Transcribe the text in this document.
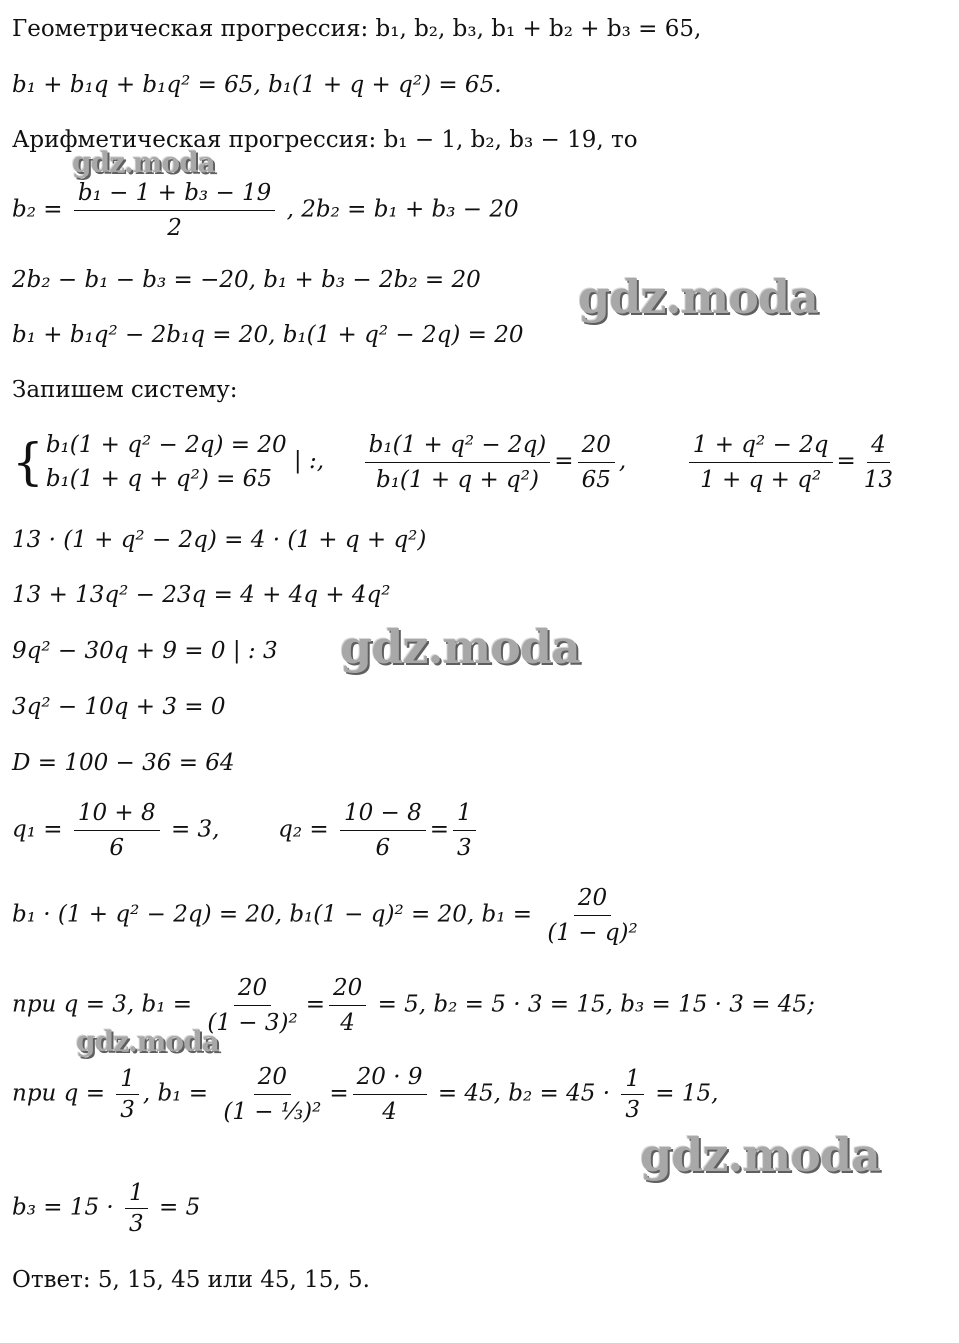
Геометрическая прогрессия: b₁, b₂, b₃, b₁ + b₂ + b₃ = 65,
b₁ + b₁q + b₁q² = 65, b₁(1 + q + q²) = 65.
Арифметическая прогрессия: b₁ − 1, b₂, b₃ − 19, то
$b_2 = \frac{\text{b₁ − 1 + b₃ − 19}}{2}$ , 2b₂ = b₁ + b₃ − 20
2b₂ − b₁ − b₃ = −20, b₁ + b₃ − 2b₂ = 20
b₁ + b₁q² − 2b₁q = 20, b₁(1 + q² − 2q) = 20
Запишем систему:
{ b₁(1 + q² − 2q) = 20
b₁(1 + q + q²) = 65
| :, $\frac{\text{b₁(1 + q² − 2q)}}{\text{b₁(1 + q + q²)}} = \frac{20}{65}$ ,	$\frac{\text{1 + q² − 2q}}{\text{1 + q + q²}} = \frac{4}{13}$
13 · (1 + q² − 2q) = 4 · (1 + q + q²)
13 + 13q² − 23q = 4 + 4q + 4q²
9q² − 30q + 9 = 0 | : 3
3q² − 10q + 3 = 0
D = 100 − 36 = 64
$q_1 = \frac{10 + 8}{6} = 3$,	$q_2 = \frac{10 - 8}{6} = \frac{1}{3}$
b₁ · (1 + q² − 2q) = 20, b₁(1 − q)² = 20, $b_1 = \frac{20}{\text{(1 − q)²}}$
при q = 3, $b_1 = \frac{20}{\text{(1 − 3)²}} = \frac{20}{4} = 5$, b₂ = 5 · 3 = 15, b₃ = 15 · 3 = 45;
при $q = \frac{1}{3}$ , $b_1 = \frac{20}{\text{(1 − ⅓)²}} = \frac{20 \cdot 9}{4} = 45$, $b_2 = 45 \cdot \frac{1}{3} = 15$,
$b_3 = 15 \cdot \frac{1}{3} = 5$
Ответ: 5, 15, 45 или 45, 15, 5.
gdz.moda
gdz.moda
gdz.moda
gdz.moda
gdz.moda
